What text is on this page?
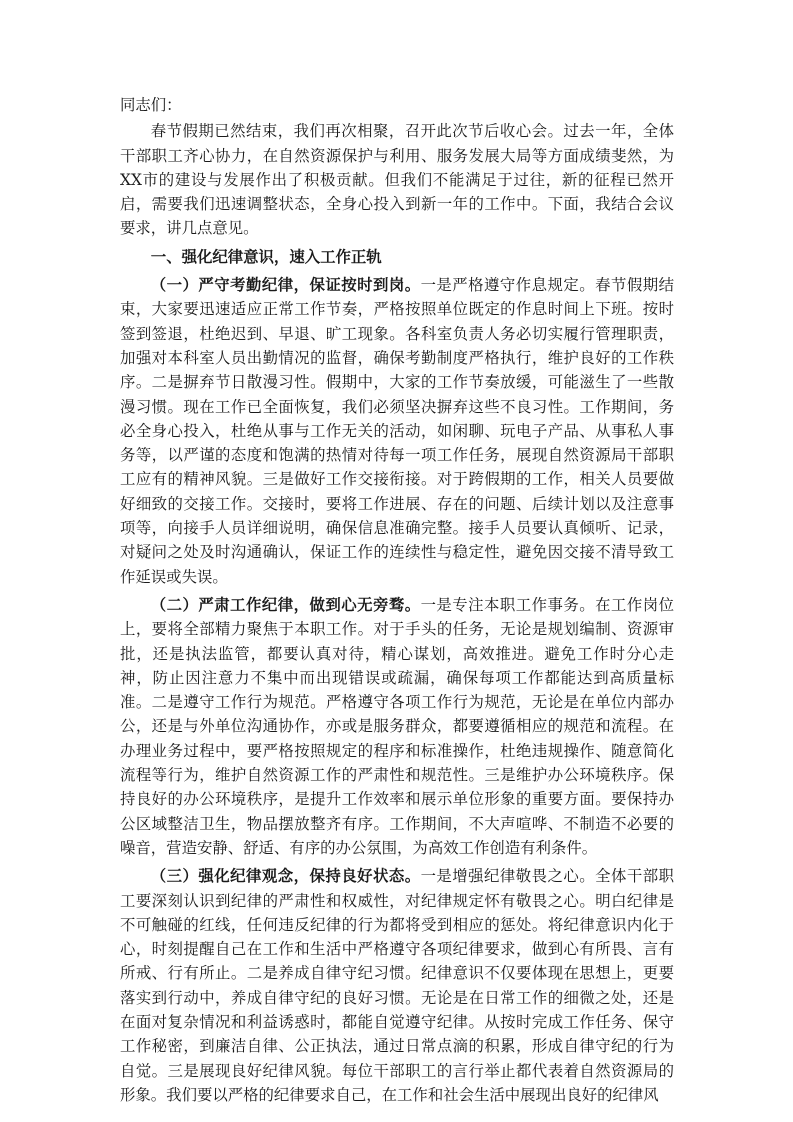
同志们：

春节假期已然结束，我们再次相聚，召开此次节后收心会。过去一年，全体干部职工齐心协力，在自然资源保护与利用、服务发展大局等方面成绩斐然，为XX市的建设与发展作出了积极贡献。但我们不能满足于过往，新的征程已然开启，需要我们迅速调整状态，全身心投入到新一年的工作中。下面，我结合会议要求，讲几点意见。

一、强化纪律意识，速入工作正轨

（一）严守考勤纪律，保证按时到岗。一是严格遵守作息规定。春节假期结束，大家要迅速适应正常工作节奏，严格按照单位既定的作息时间上下班。按时签到签退，杜绝迟到、早退、旷工现象。各科室负责人务必切实履行管理职责，加强对本科室人员出勤情况的监督，确保考勤制度严格执行，维护良好的工作秩序。二是摒弃节日散漫习性。假期中，大家的工作节奏放缓，可能滋生了一些散漫习惯。现在工作已全面恢复，我们必须坚决摒弃这些不良习性。工作期间，务必全身心投入，杜绝从事与工作无关的活动，如闲聊、玩电子产品、从事私人事务等，以严谨的态度和饱满的热情对待每一项工作任务，展现自然资源局干部职工应有的精神风貌。三是做好工作交接衔接。对于跨假期的工作，相关人员要做好细致的交接工作。交接时，要将工作进展、存在的问题、后续计划以及注意事项等，向接手人员详细说明，确保信息准确完整。接手人员要认真倾听、记录，对疑问之处及时沟通确认，保证工作的连续性与稳定性，避免因交接不清导致工作延误或失误。

（二）严肃工作纪律，做到心无旁骛。一是专注本职工作事务。在工作岗位上，要将全部精力聚焦于本职工作。对于手头的任务，无论是规划编制、资源审批，还是执法监管，都要认真对待，精心谋划，高效推进。避免工作时分心走神，防止因注意力不集中而出现错误或疏漏，确保每项工作都能达到高质量标准。二是遵守工作行为规范。严格遵守各项工作行为规范，无论是在单位内部办公，还是与外单位沟通协作，亦或是服务群众，都要遵循相应的规范和流程。在办理业务过程中，要严格按照规定的程序和标准操作，杜绝违规操作、随意简化流程等行为，维护自然资源工作的严肃性和规范性。三是维护办公环境秩序。保持良好的办公环境秩序，是提升工作效率和展示单位形象的重要方面。要保持办公区域整洁卫生，物品摆放整齐有序。工作期间，不大声喧哗、不制造不必要的噪音，营造安静、舒适、有序的办公氛围，为高效工作创造有利条件。

（三）强化纪律观念，保持良好状态。一是增强纪律敬畏之心。全体干部职工要深刻认识到纪律的严肃性和权威性，对纪律规定怀有敬畏之心。明白纪律是不可触碰的红线，任何违反纪律的行为都将受到相应的惩处。将纪律意识内化于心，时刻提醒自己在工作和生活中严格遵守各项纪律要求，做到心有所畏、言有所戒、行有所止。二是养成自律守纪习惯。纪律意识不仅要体现在思想上，更要落实到行动中，养成自律守纪的良好习惯。无论是在日常工作的细微之处，还是在面对复杂情况和利益诱惑时，都能自觉遵守纪律。从按时完成工作任务、保守工作秘密，到廉洁自律、公正执法，通过日常点滴的积累，形成自律守纪的行为自觉。三是展现良好纪律风貌。每位干部职工的言行举止都代表着自然资源局的形象。我们要以严格的纪律要求自己，在工作和社会生活中展现出良好的纪律风
